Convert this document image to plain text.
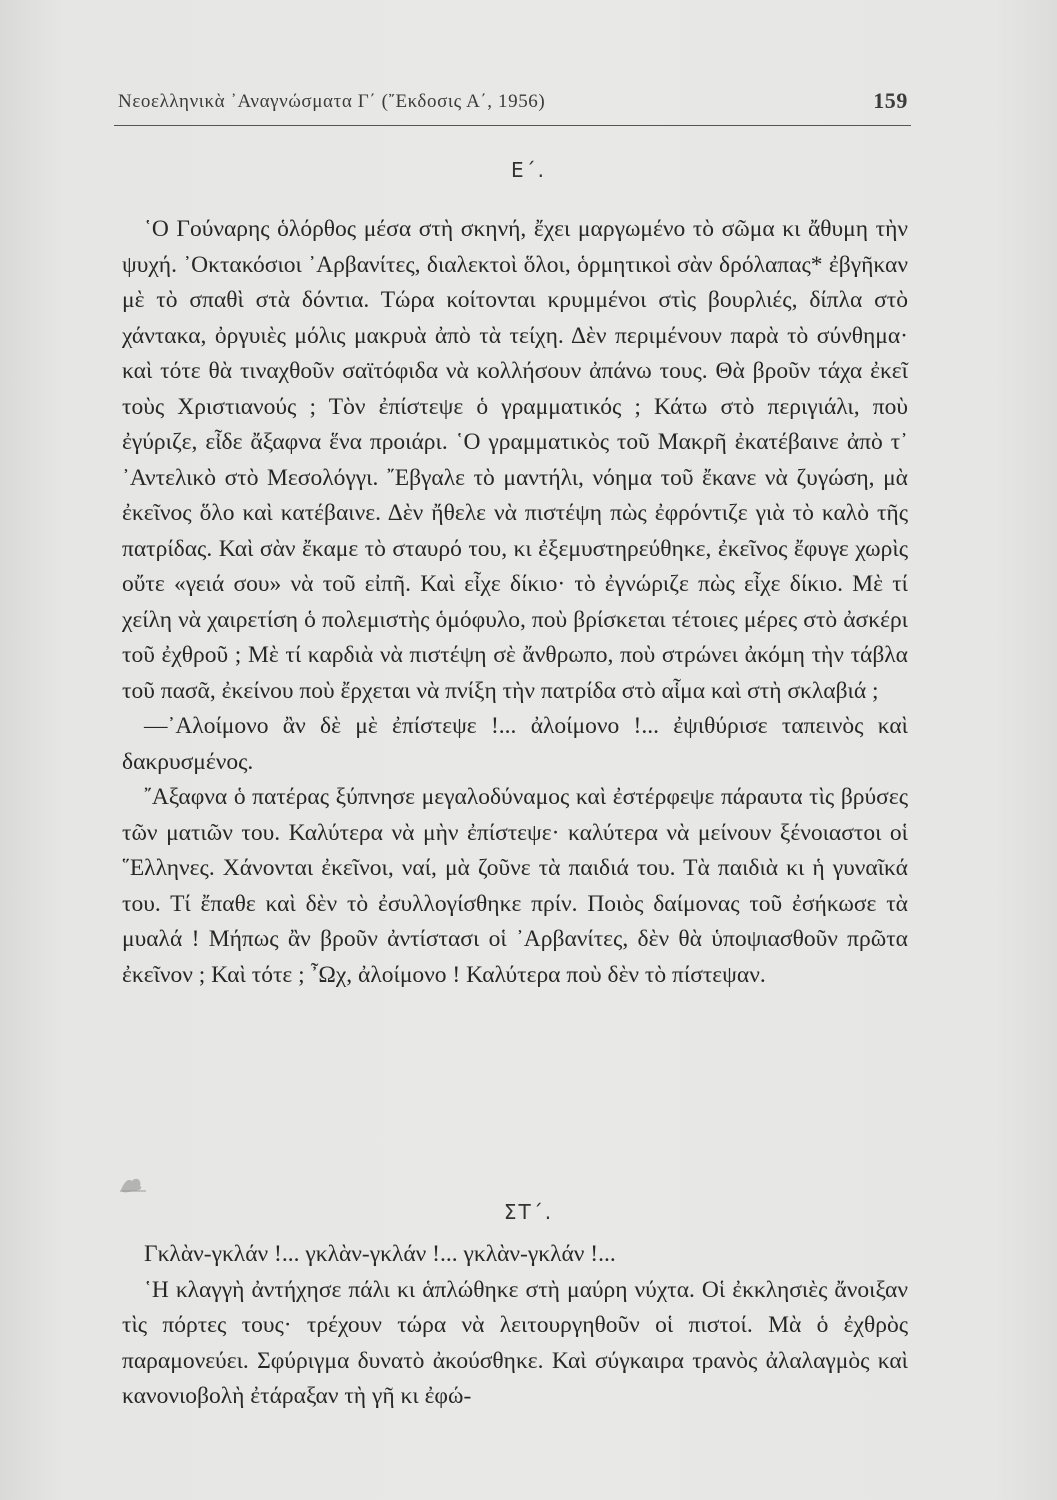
Νεοελληνικὰ ᾿Αναγνώσματα Γ΄ (῎Εκδοσις Α΄, 1956)	159
Ε΄.

῾Ο Γούναρης ὁλόρθος μέσα στὴ σκηνή, ἔχει μαργωμένο τὸ σῶμα κι ἄθυμη τὴν ψυχή. ᾿Οκτακόσιοι ᾿Αρβανίτες, διαλεκτοὶ ὅλοι, ὁρμητικοὶ σὰν δρόλαπας* ἐβγῆκαν μὲ τὸ σπαθὶ στὰ δόντια. Τώρα κοίτονται κρυμμένοι στὶς βουρλιές, δίπλα στὸ χάντακα, ὀργυιὲς μόλις μακρυὰ ἀπὸ τὰ τείχη. Δὲν περιμένουν παρὰ τὸ σύνθημα· καὶ τότε θὰ τιναχθοῦν σαϊτόφιδα νὰ κολλήσουν ἀπάνω τους. Θὰ βροῦν τάχα ἐκεῖ τοὺς Χριστιανούς ; Τὸν ἐπίστεψε ὁ γραμματικός ; Κάτω στὸ περιγιάλι, ποὺ ἐγύριζε, εἶδε ἄξαφνα ἕνα προιάρι. ῾Ο γραμματικὸς τοῦ Μακρῆ ἐκατέβαινε ἀπὸ τ᾿ ᾿Αντελικὸ στὸ Μεσολόγγι. ῎Εβγαλε τὸ μαντήλι, νόημα τοῦ ἔκανε νὰ ζυγώση, μὰ ἐκεῖνος ὅλο καὶ κατέβαινε. Δὲν ἤθελε νὰ πιστέψη πὼς ἐφρόντιζε γιὰ τὸ καλὸ τῆς πατρίδας. Καὶ σὰν ἔκαμε τὸ σταυρό του, κι ἐξεμυστηρεύθηκε, ἐκεῖνος ἔφυγε χωρὶς οὔτε «γειά σου» νὰ τοῦ εἰπῆ. Καὶ εἶχε δίκιο· τὸ ἐγνώριζε πὼς εἶχε δίκιο. Μὲ τί χείλη νὰ χαιρετίση ὁ πολεμιστὴς ὁμόφυλο, ποὺ βρίσκεται τέτοιες μέρες στὸ ἀσκέρι τοῦ ἐχθροῦ ; Μὲ τί καρδιὰ νὰ πιστέψη σὲ ἄνθρωπο, ποὺ στρώνει ἀκόμη τὴν τάβλα τοῦ πασᾶ, ἐκείνου ποὺ ἔρχεται νὰ πνίξη τὴν πατρίδα στὸ αἷμα καὶ στὴ σκλαβιά ;

—᾿Αλοίμονο ἂν δὲ μὲ ἐπίστεψε !... ἀλοίμονο !... ἐψιθύρισε ταπεινὸς καὶ δακρυσμένος.

῎Αξαφνα ὁ πατέρας ξύπνησε μεγαλοδύναμος καὶ ἐστέρφεψε πάραυτα τὶς βρύσες τῶν ματιῶν του. Καλύτερα νὰ μὴν ἐπίστεψε· καλύτερα νὰ μείνουν ξένοιαστοι οἱ ῞Ελληνες. Χάνονται ἐκεῖνοι, ναί, μὰ ζοῦνε τὰ παιδιά του. Τὰ παιδιὰ κι ἡ γυναῖκά του. Τί ἔπαθε καὶ δὲν τὸ ἐσυλλογίσθηκε πρίν. Ποιὸς δαίμονας τοῦ ἐσήκωσε τὰ μυαλά ! Μήπως ἂν βροῦν ἀντίστασι οἱ ᾿Αρβανίτες, δὲν θὰ ὑποψιασθοῦν πρῶτα ἐκεῖνον ; Καὶ τότε ; ῏Ωχ, ἀλοίμονο ! Καλύτερα ποὺ δὲν τὸ πίστεψαν.

ΣΤ΄.

Γκλὰν-γκλάν !... γκλὰν-γκλάν !... γκλὰν-γκλάν !...

῾Η κλαγγὴ ἀντήχησε πάλι κι ἁπλώθηκε στὴ μαύρη νύχτα. Οἱ ἐκκλησιὲς ἄνοιξαν τὶς πόρτες τους· τρέχουν τώρα νὰ λειτουργηθοῦν οἱ πιστοί. Μὰ ὁ ἐχθρὸς παραμονεύει. Σφύριγμα δυνατὸ ἀκούσθηκε. Καὶ σύγκαιρα τρανὸς ἀλαλαγμὸς καὶ κανονιοβολὴ ἐτάραξαν τὴ γῆ κι ἐφώ-
